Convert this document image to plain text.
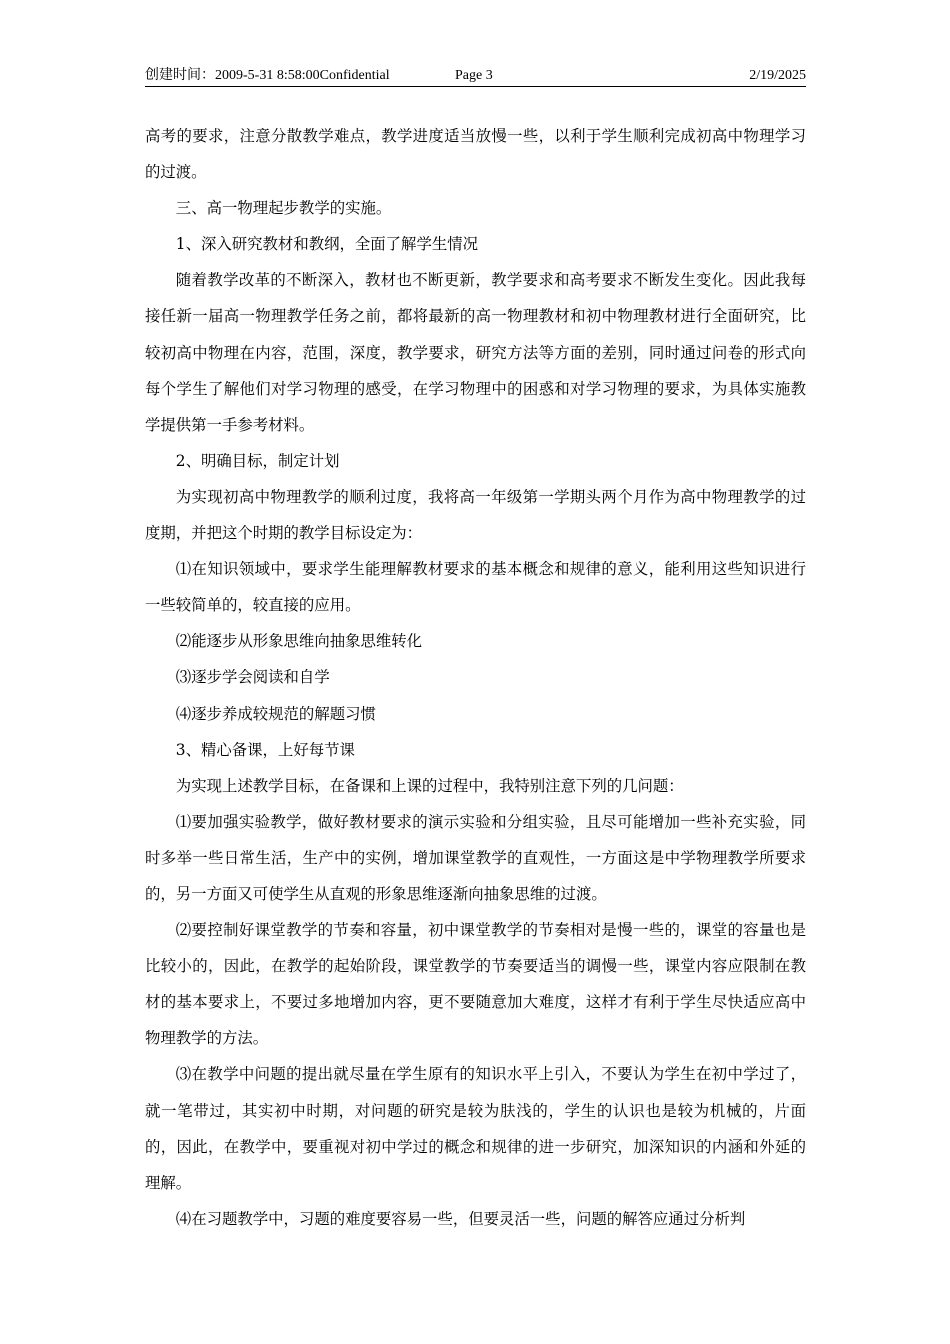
创建时间：2009-5-31 8:58:00Confidential	Page 3	2/19/2025

高考的要求，注意分散教学难点，教学进度适当放慢一些，以利于学生顺利完成初高中物理学习的过渡。

三、高一物理起步教学的实施。

1、深入研究教材和教纲，全面了解学生情况

随着教学改革的不断深入，教材也不断更新，教学要求和高考要求不断发生变化。因此我每接任新一届高一物理教学任务之前，都将最新的高一物理教材和初中物理教材进行全面研究，比较初高中物理在内容，范围，深度，教学要求，研究方法等方面的差别，同时通过问卷的形式向每个学生了解他们对学习物理的感受，在学习物理中的困惑和对学习物理的要求，为具体实施教学提供第一手参考材料。

2、明确目标，制定计划

为实现初高中物理教学的顺利过度，我将高一年级第一学期头两个月作为高中物理教学的过度期，并把这个时期的教学目标设定为：

⑴在知识领域中，要求学生能理解教材要求的基本概念和规律的意义，能利用这些知识进行一些较简单的，较直接的应用。

⑵能逐步从形象思维向抽象思维转化

⑶逐步学会阅读和自学

⑷逐步养成较规范的解题习惯

3、精心备课，上好每节课

为实现上述教学目标，在备课和上课的过程中，我特别注意下列的几问题：

⑴要加强实验教学，做好教材要求的演示实验和分组实验，且尽可能增加一些补充实验，同时多举一些日常生活，生产中的实例，增加课堂教学的直观性，一方面这是中学物理教学所要求的，另一方面又可使学生从直观的形象思维逐渐向抽象思维的过渡。

⑵要控制好课堂教学的节奏和容量，初中课堂教学的节奏相对是慢一些的，课堂的容量也是比较小的，因此，在教学的起始阶段，课堂教学的节奏要适当的调慢一些，课堂内容应限制在教材的基本要求上，不要过多地增加内容，更不要随意加大难度，这样才有利于学生尽快适应高中物理教学的方法。

⑶在教学中问题的提出就尽量在学生原有的知识水平上引入，不要认为学生在初中学过了，就一笔带过，其实初中时期，对问题的研究是较为肤浅的，学生的认识也是较为机械的，片面的，因此，在教学中，要重视对初中学过的概念和规律的进一步研究，加深知识的内涵和外延的理解。

⑷在习题教学中，习题的难度要容易一些，但要灵活一些，问题的解答应通过分析判
